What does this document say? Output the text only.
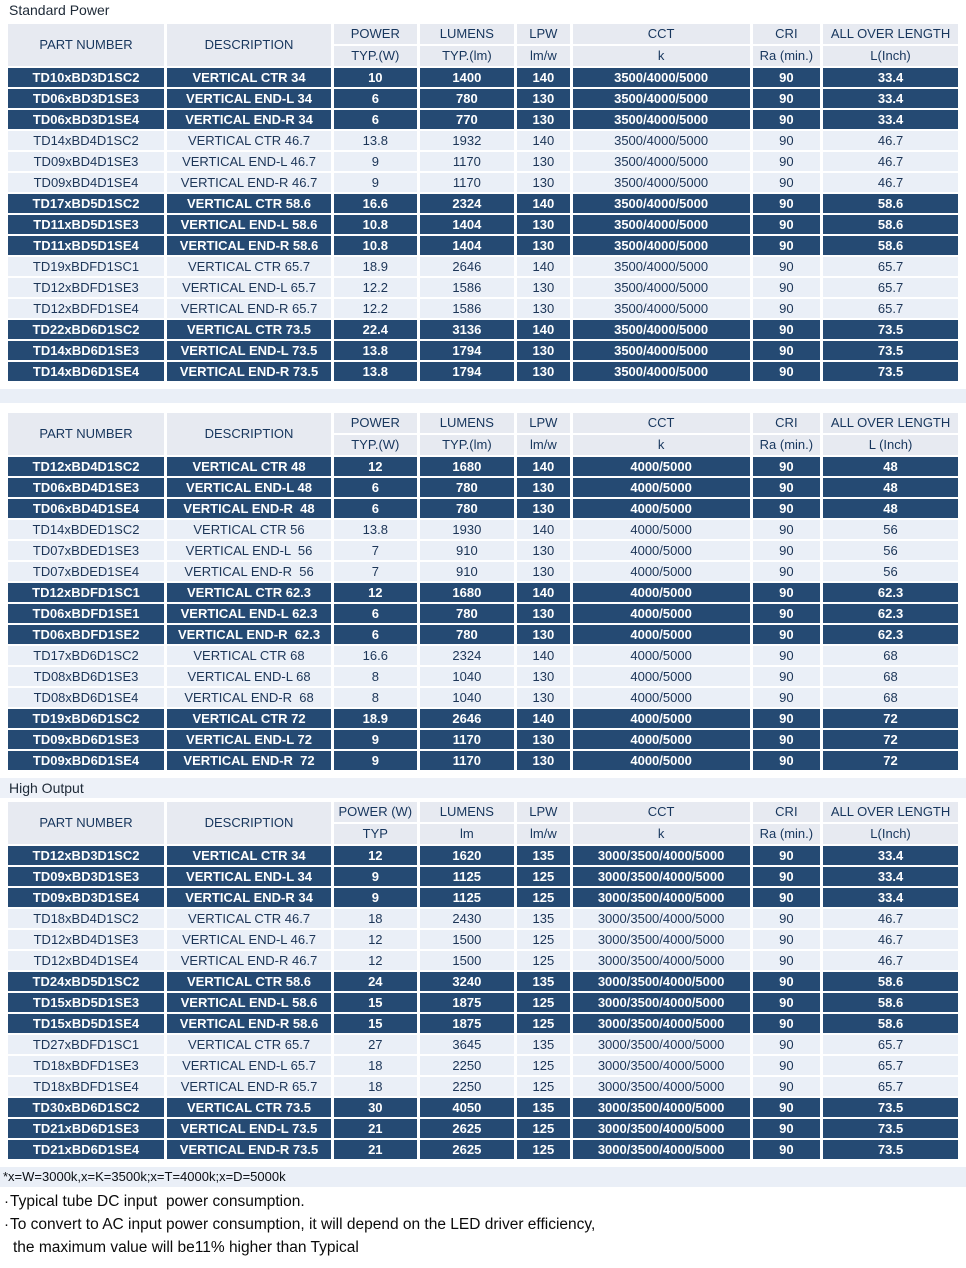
Standard Power
PART NUMBER	DESCRIPTION	POWER	LUMENS	LPW	CCT	CRI	ALL OVER LENGTH
		TYP.(W)	TYP.(lm)	lm/w	k	Ra (min.)	L(Inch)
TD10xBD3D1SC2	VERTICAL CTR 34	10	1400	140	3500/4000/5000	90	33.4
TD06xBD3D1SE3	VERTICAL END-L 34	6	780	130	3500/4000/5000	90	33.4
TD06xBD3D1SE4	VERTICAL END-R 34	6	770	130	3500/4000/5000	90	33.4
TD14xBD4D1SC2	VERTICAL CTR 46.7	13.8	1932	140	3500/4000/5000	90	46.7
TD09xBD4D1SE3	VERTICAL END-L 46.7	9	1170	130	3500/4000/5000	90	46.7
TD09xBD4D1SE4	VERTICAL END-R 46.7	9	1170	130	3500/4000/5000	90	46.7
TD17xBD5D1SC2	VERTICAL CTR 58.6	16.6	2324	140	3500/4000/5000	90	58.6
TD11xBD5D1SE3	VERTICAL END-L 58.6	10.8	1404	130	3500/4000/5000	90	58.6
TD11xBD5D1SE4	VERTICAL END-R 58.6	10.8	1404	130	3500/4000/5000	90	58.6
TD19xBDFD1SC1	VERTICAL CTR 65.7	18.9	2646	140	3500/4000/5000	90	65.7
TD12xBDFD1SE3	VERTICAL END-L 65.7	12.2	1586	130	3500/4000/5000	90	65.7
TD12xBDFD1SE4	VERTICAL END-R 65.7	12.2	1586	130	3500/4000/5000	90	65.7
TD22xBD6D1SC2	VERTICAL CTR 73.5	22.4	3136	140	3500/4000/5000	90	73.5
TD14xBD6D1SE3	VERTICAL END-L 73.5	13.8	1794	130	3500/4000/5000	90	73.5
TD14xBD6D1SE4	VERTICAL END-R 73.5	13.8	1794	130	3500/4000/5000	90	73.5
PART NUMBER	DESCRIPTION	POWER	LUMENS	LPW	CCT	CRI	ALL OVER LENGTH
		TYP.(W)	TYP.(lm)	lm/w	k	Ra (min.)	L (Inch)
TD12xBD4D1SC2	VERTICAL CTR 48	12	1680	140	4000/5000	90	48
TD06xBD4D1SE3	VERTICAL END-L 48	6	780	130	4000/5000	90	48
TD06xBD4D1SE4	VERTICAL END-R  48	6	780	130	4000/5000	90	48
TD14xBDED1SC2	VERTICAL CTR 56	13.8	1930	140	4000/5000	90	56
TD07xBDED1SE3	VERTICAL END-L  56	7	910	130	4000/5000	90	56
TD07xBDED1SE4	VERTICAL END-R  56	7	910	130	4000/5000	90	56
TD12xBDFD1SC1	VERTICAL CTR 62.3	12	1680	140	4000/5000	90	62.3
TD06xBDFD1SE1	VERTICAL END-L 62.3	6	780	130	4000/5000	90	62.3
TD06xBDFD1SE2	VERTICAL END-R  62.3	6	780	130	4000/5000	90	62.3
TD17xBD6D1SC2	VERTICAL CTR 68	16.6	2324	140	4000/5000	90	68
TD08xBD6D1SE3	VERTICAL END-L 68	8	1040	130	4000/5000	90	68
TD08xBD6D1SE4	VERTICAL END-R  68	8	1040	130	4000/5000	90	68
TD19xBD6D1SC2	VERTICAL CTR 72	18.9	2646	140	4000/5000	90	72
TD09xBD6D1SE3	VERTICAL END-L 72	9	1170	130	4000/5000	90	72
TD09xBD6D1SE4	VERTICAL END-R  72	9	1170	130	4000/5000	90	72
High Output
PART NUMBER	DESCRIPTION	POWER (W)	LUMENS	LPW	CCT	CRI	ALL OVER LENGTH
		TYP	lm	lm/w	k	Ra (min.)	L(Inch)
TD12xBD3D1SC2	VERTICAL CTR 34	12	1620	135	3000/3500/4000/5000	90	33.4
TD09xBD3D1SE3	VERTICAL END-L 34	9	1125	125	3000/3500/4000/5000	90	33.4
TD09xBD3D1SE4	VERTICAL END-R 34	9	1125	125	3000/3500/4000/5000	90	33.4
TD18xBD4D1SC2	VERTICAL CTR 46.7	18	2430	135	3000/3500/4000/5000	90	46.7
TD12xBD4D1SE3	VERTICAL END-L 46.7	12	1500	125	3000/3500/4000/5000	90	46.7
TD12xBD4D1SE4	VERTICAL END-R 46.7	12	1500	125	3000/3500/4000/5000	90	46.7
TD24xBD5D1SC2	VERTICAL CTR 58.6	24	3240	135	3000/3500/4000/5000	90	58.6
TD15xBD5D1SE3	VERTICAL END-L 58.6	15	1875	125	3000/3500/4000/5000	90	58.6
TD15xBD5D1SE4	VERTICAL END-R 58.6	15	1875	125	3000/3500/4000/5000	90	58.6
TD27xBDFD1SC1	VERTICAL CTR 65.7	27	3645	135	3000/3500/4000/5000	90	65.7
TD18xBDFD1SE3	VERTICAL END-L 65.7	18	2250	125	3000/3500/4000/5000	90	65.7
TD18xBDFD1SE4	VERTICAL END-R 65.7	18	2250	125	3000/3500/4000/5000	90	65.7
TD30xBD6D1SC2	VERTICAL CTR 73.5	30	4050	135	3000/3500/4000/5000	90	73.5
TD21xBD6D1SE3	VERTICAL END-L 73.5	21	2625	125	3000/3500/4000/5000	90	73.5
TD21xBD6D1SE4	VERTICAL END-R 73.5	21	2625	125	3000/3500/4000/5000	90	73.5
*x=W=3000k,x=K=3500k;x=T=4000k;x=D=5000k
·Typical tube DC input  power consumption.
·To convert to AC input power consumption, it will depend on the LED driver efficiency,
the maximum value will be11% higher than Typical
